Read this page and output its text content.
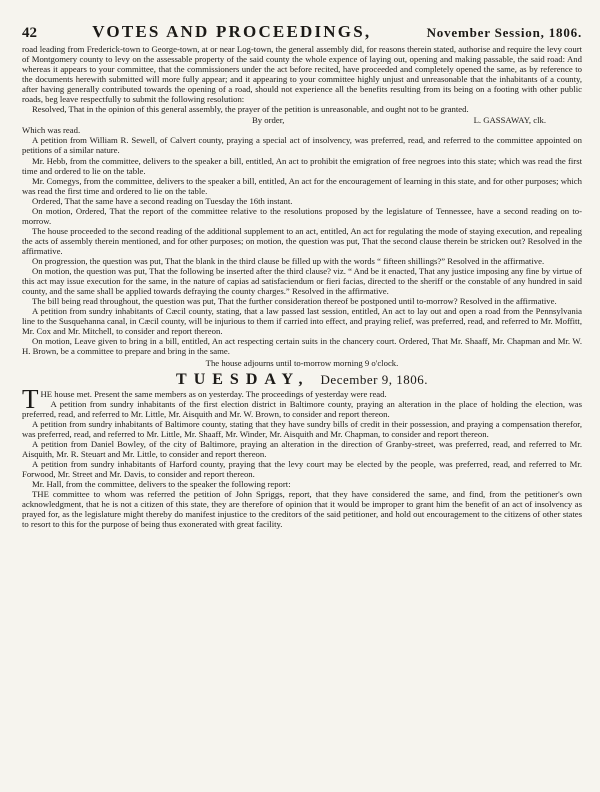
42	VOTES AND PROCEEDINGS,	November Session, 1806.

road leading from Frederick-town to George-town, at or near Log-town, the general assembly did, for reasons therein stated, authorise and require the levy court of Montgomery county to levy on the assessable property of the said county the whole expence of laying out, opening and making passable, the said road: And whereas it appears to your committee, that the commissioners under the act before recited, have proceeded and completely opened the same, as by reference to the documents herewith submitted will more fully appear; and it appearing to your committee highly unjust and unreasonable that the inhabitants of a county, after having generally contributed towards the opening of a road, should not experience all the benefits resulting from its being on a footing with other public roads, beg leave respectfully to submit the following resolution:

Resolved, That in the opinion of this general assembly, the prayer of the petition is unreasonable, and ought not to be granted.

By order,	L. GASSAWAY, clk.

Which was read.

A petition from William R. Sewell, of Calvert county, praying a special act of insolvency, was preferred, read, and referred to the committee appointed on petitions of a similar nature.

Mr. Hebb, from the committee, delivers to the speaker a bill, entitled, An act to prohibit the emigration of free negroes into this state; which was read the first time and ordered to lie on the table.

Mr. Comegys, from the committee, delivers to the speaker a bill, entitled, An act for the encouragement of learning in this state, and for other purposes; which was read the first time and ordered to lie on the table.

Ordered, That the same have a second reading on Tuesday the 16th instant.

On motion, Ordered, That the report of the committee relative to the resolutions proposed by the legislature of Tennessee, have a second reading on to-morrow.

The house proceeded to the second reading of the additional supplement to an act, entitled, An act for regulating the mode of staying execution, and repealing the acts of assembly therein mentioned, and for other purposes; on motion, the question was put, That the second clause therein be stricken out? Resolved in the affirmative.

On progression, the question was put, That the blank in the third clause be filled up with the words “ fifteen shillings?” Resolved in the affirmative.

On motion, the question was put, That the following be inserted after the third clause? viz. “ And be it enacted, That any justice imposing any fine by virtue of this act may issue execution for the same, in the nature of capias ad satisfaciendum or fieri facias, directed to the sheriff or the constable of any hundred in said county, and the same shall be applied towards defraying the county charges.” Resolved in the affirmative.

The bill being read throughout, the question was put, That the further consideration thereof be postponed until to-morrow? Resolved in the affirmative.

A petition from sundry inhabitants of Cæcil county, stating, that a law passed last session, entitled, An act to lay out and open a road from the Pennsylvania line to the Susquehanna canal, in Cæcil county, will be injurious to them if carried into effect, and praying relief, was preferred, read, and referred to Mr. Moffitt, Mr. Cox and Mr. Mitchell, to consider and report thereon.

On motion, Leave given to bring in a bill, entitled, An act respecting certain suits in the chancery court. Ordered, That Mr. Shaaff, Mr. Chapman and Mr. W. H. Brown, be a committee to prepare and bring in the same.

The house adjourns until to-morrow morning 9 o'clock.

TUESDAY, December 9, 1806.

T HE house met. Present the same members as on yesterday. The proceedings of yesterday were read.

A petition from sundry inhabitants of the first election district in Baltimore county, praying an alteration in the place of holding the election, was preferred, read, and referred to Mr. Little, Mr. Aisquith and Mr. W. Brown, to consider and report thereon.

A petition from sundry inhabitants of Baltimore county, stating that they have sundry bills of credit in their possession, and praying a compensation therefor, was preferred, read, and referred to Mr. Little, Mr. Shaaff, Mr. Winder, Mr. Aisquith and Mr. Chapman, to consider and report thereon.

A petition from Daniel Bowley, of the city of Baltimore, praying an alteration in the direction of Granby-street, was preferred, read, and referred to Mr. Aisquith, Mr. R. Steuart and Mr. Little, to consider and report thereon.

A petition from sundry inhabitants of Harford county, praying that the levy court may be elected by the people, was preferred, read, and referred to Mr. Forwood, Mr. Street and Mr. Davis, to consider and report thereon.

Mr. Hall, from the committee, delivers to the speaker the following report:

THE committee to whom was referred the petition of John Spriggs, report, that they have considered the same, and find, from the petitioner's own acknowledgment, that he is not a citizen of this state, they are therefore of opinion that it would be improper to grant him the benefit of an act of insolvency as prayed for, as the legislature might thereby do manifest injustice to the creditors of the said petitioner, and hold out encouragement to the citizens of other states to resort to this for the purpose of being thus exonerated with great facility.
